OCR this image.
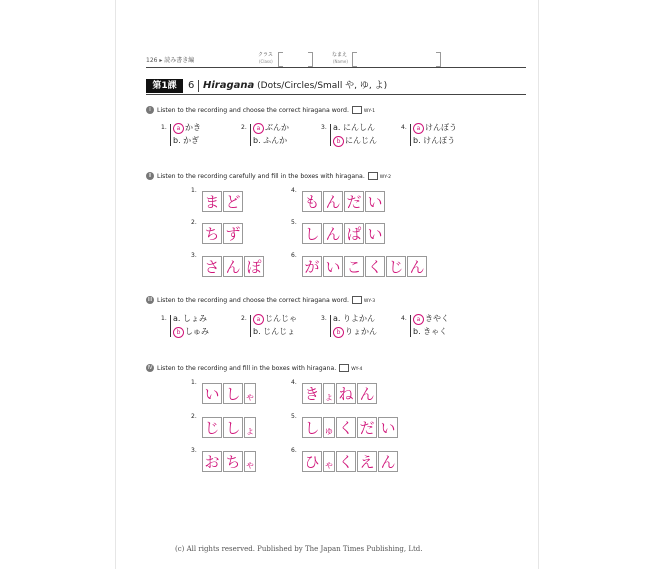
126 ▸ 読み書き編
クラス
(Class)
なまえ
(Name)
第1課	6 Hiragana (Dots/Circles/Small や, ゆ, よ)
I Listen to the recording and choose the correct hiragana word.	WY-1
1.	a かき
b. かぎ
2.	a ぶんか
b. ふんか
3. a. にんしん
b にんじん
4.	a けんぼう
b. けんぽう
II Listen to the recording carefully and fill in the boxes with hiragana.	WY-2
1.
ま ど
2.
ち ず
3.
さ ん ぽ
4.
も ん だ い
5.
し ん ぱ い
6.
が い こ く じ ん
III Listen to the recording and choose the correct hiragana word.	WY-3
1. a. しょみ
b しゅみ
2.	a じんじゃ
b. じんじょ
3. a. りよかん
b りょかん
4.	a きやく
b. きゃく
IV Listen to the recording and fill in the boxes with hiragana.	WY-4
1.
い し ゃ
2.
じ し ょ
3.
お ち ゃ
4.
き ょ ね ん
5.
し ゅ く だ い
6.
ひ ゃ く え ん
(c) All rights reserved. Published by The Japan Times Publishing, Ltd.
